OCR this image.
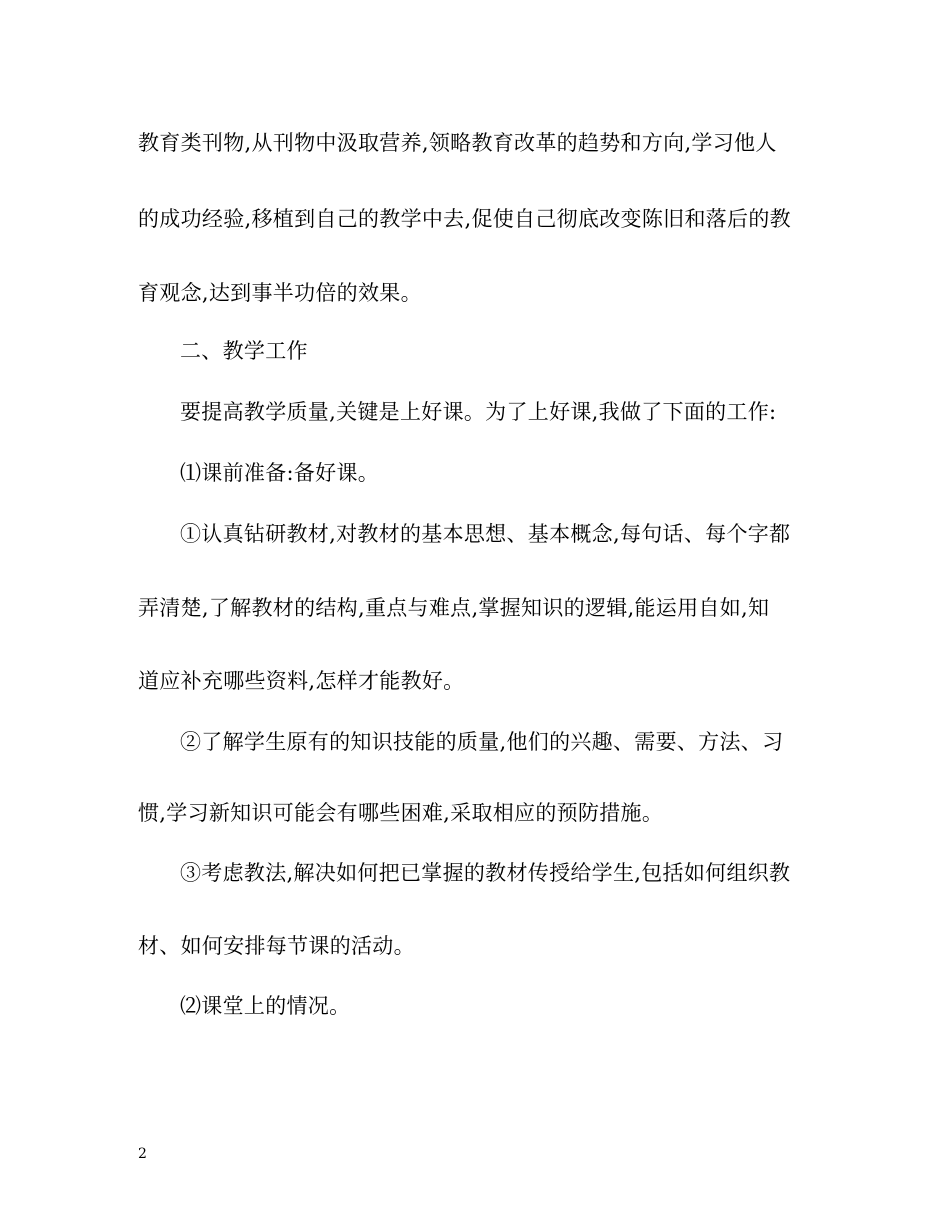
教育类刊物,从刊物中汲取营养,领略教育改革的趋势和方向,学习他人
的成功经验,移植到自己的教学中去,促使自己彻底改变陈旧和落后的教
育观念,达到事半功倍的效果。
二、教学工作
要提高教学质量,关键是上好课。为了上好课,我做了下面的工作:
⑴课前准备:备好课。
①认真钻研教材,对教材的基本思想、基本概念,每句话、每个字都
弄清楚,了解教材的结构,重点与难点,掌握知识的逻辑,能运用自如,知
道应补充哪些资料,怎样才能教好。
②了解学生原有的知识技能的质量,他们的兴趣、需要、方法、习
惯,学习新知识可能会有哪些困难,采取相应的预防措施。
③考虑教法,解决如何把已掌握的教材传授给学生,包括如何组织教
材、如何安排每节课的活动。
⑵课堂上的情况。
2
